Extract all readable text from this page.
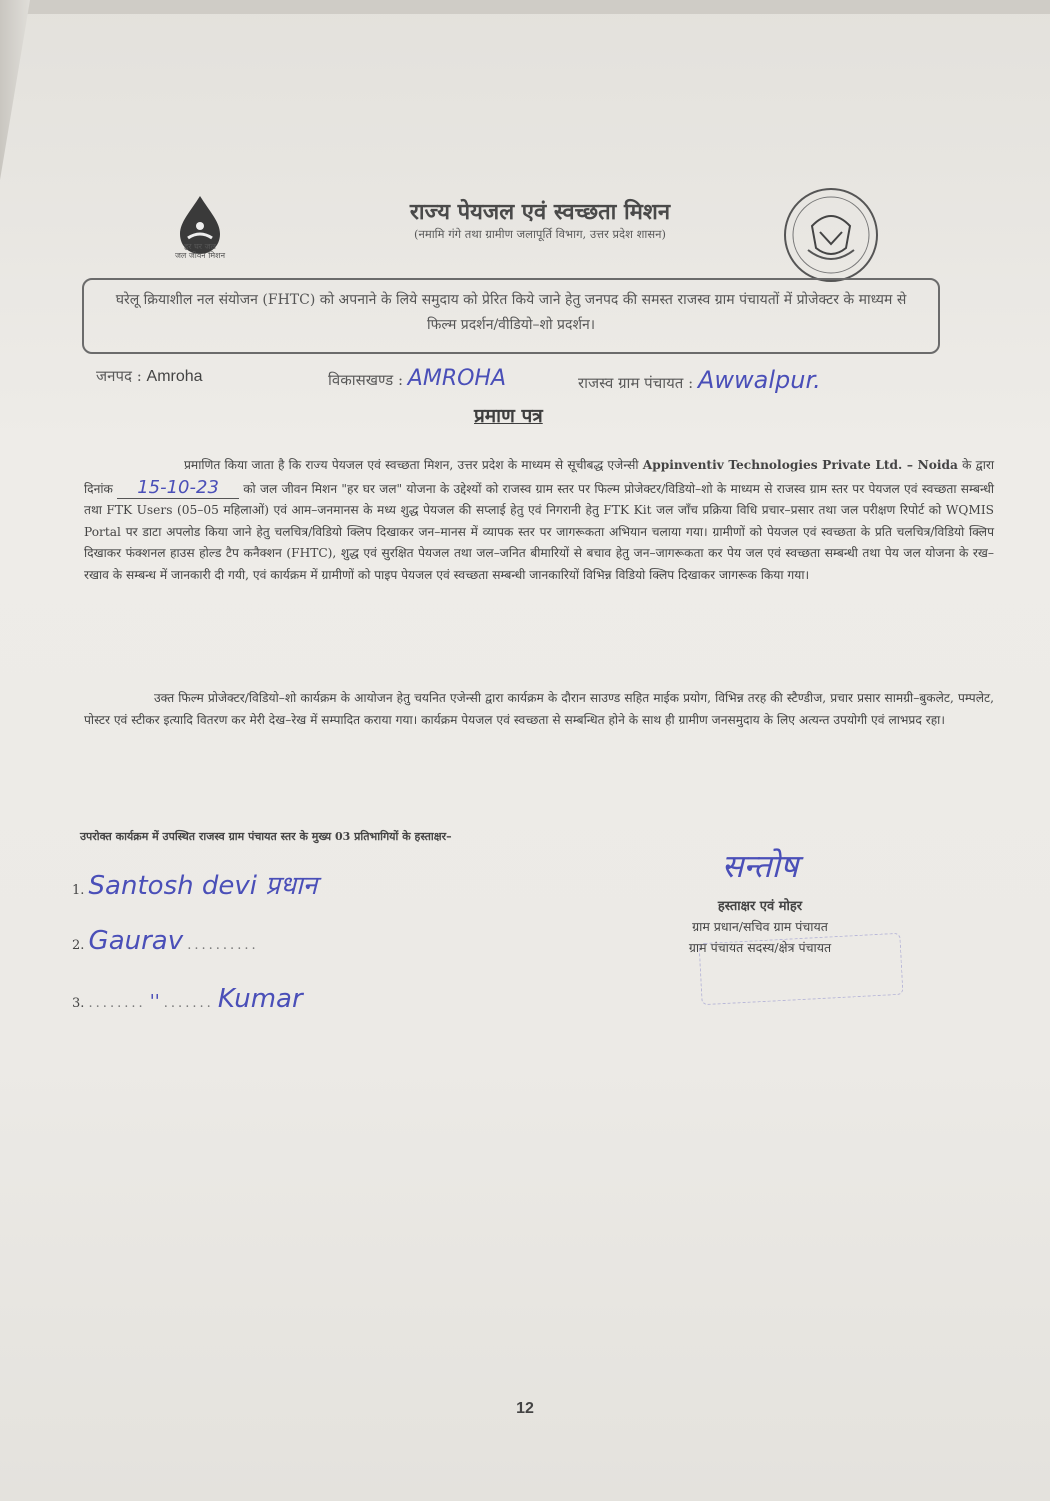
हर घर जल
जल जीवन मिशन
राज्य पेयजल एवं स्वच्छता मिशन
(नमामि गंगे तथा ग्रामीण जलापूर्ति विभाग, उत्तर प्रदेश शासन)
घरेलू क्रियाशील नल संयोजन (FHTC) को अपनाने के लिये समुदाय को प्रेरित किये जाने हेतु जनपद की समस्त राजस्व ग्राम पंचायतों में प्रोजेक्टर के माध्यम से फिल्म प्रदर्शन/वीडियो–शो प्रदर्शन।
जनपद : Amroha	विकासखण्ड : AMROHA	राजस्व ग्राम पंचायत : Awwalpur.
प्रमाण पत्र
प्रमाणित किया जाता है कि राज्य पेयजल एवं स्वच्छता मिशन, उत्तर प्रदेश के माध्यम से सूचीबद्ध एजेन्सी Appinventiv Technologies Private Ltd. – Noida के द्वारा दिनांक 15-10-23 को जल जीवन मिशन "हर घर जल" योजना के उद्देश्यों को राजस्व ग्राम स्तर पर फिल्म प्रोजेक्टर/विडियो–शो के माध्यम से राजस्व ग्राम स्तर पर पेयजल एवं स्वच्छता सम्बन्धी तथा FTK Users (05–05 महिलाओं) एवं आम–जनमानस के मध्य शुद्ध पेयजल की सप्लाई हेतु एवं निगरानी हेतु FTK Kit जल जाँच प्रक्रिया विधि प्रचार–प्रसार तथा जल परीक्षण रिपोर्ट को WQMIS Portal पर डाटा अपलोड किया जाने हेतु चलचित्र/विडियो क्लिप दिखाकर जन–मानस में व्यापक स्तर पर जागरूकता अभियान चलाया गया। ग्रामीणों को पेयजल एवं स्वच्छता के प्रति चलचित्र/विडियो क्लिप दिखाकर फंक्शनल हाउस होल्ड टैप कनैक्शन (FHTC), शुद्ध एवं सुरक्षित पेयजल तथा जल–जनित बीमारियों से बचाव हेतु जन–जागरूकता कर पेय जल एवं स्वच्छता सम्बन्धी तथा पेय जल योजना के रख–रखाव के सम्बन्ध में जानकारी दी गयी, एवं कार्यक्रम में ग्रामीणों को पाइप पेयजल एवं स्वच्छता सम्बन्धी जानकारियों विभिन्न विडियो क्लिप दिखाकर जागरूक किया गया।
उक्त फिल्म प्रोजेक्टर/विडियो–शो कार्यक्रम के आयोजन हेतु चयनित एजेन्सी द्वारा कार्यक्रम के दौरान साउण्ड सहित माईक प्रयोग, विभिन्न तरह की स्टैण्डीज, प्रचार प्रसार सामग्री–बुकलेट, पम्पलेट, पोस्टर एवं स्टीकर इत्यादि वितरण कर मेरी देख–रेख में सम्पादित कराया गया। कार्यक्रम पेयजल एवं स्वच्छता से सम्बन्धित होने के साथ ही ग्रामीण जनसमुदाय के लिए अत्यन्त उपयोगी एवं लाभप्रद रहा।
उपरोक्त कार्यक्रम में उपस्थित राजस्व ग्राम पंचायत स्तर के मुख्य 03 प्रतिभागियों के हस्ताक्षर–
1. Santosh devi प्रधान
2. Gaurav ..........
3. ........ '' ....... Kumar
सन्तोष
हस्ताक्षर एवं मोहर
ग्राम प्रधान/सचिव ग्राम पंचायत
ग्राम पंचायत सदस्य/क्षेत्र पंचायत
12
